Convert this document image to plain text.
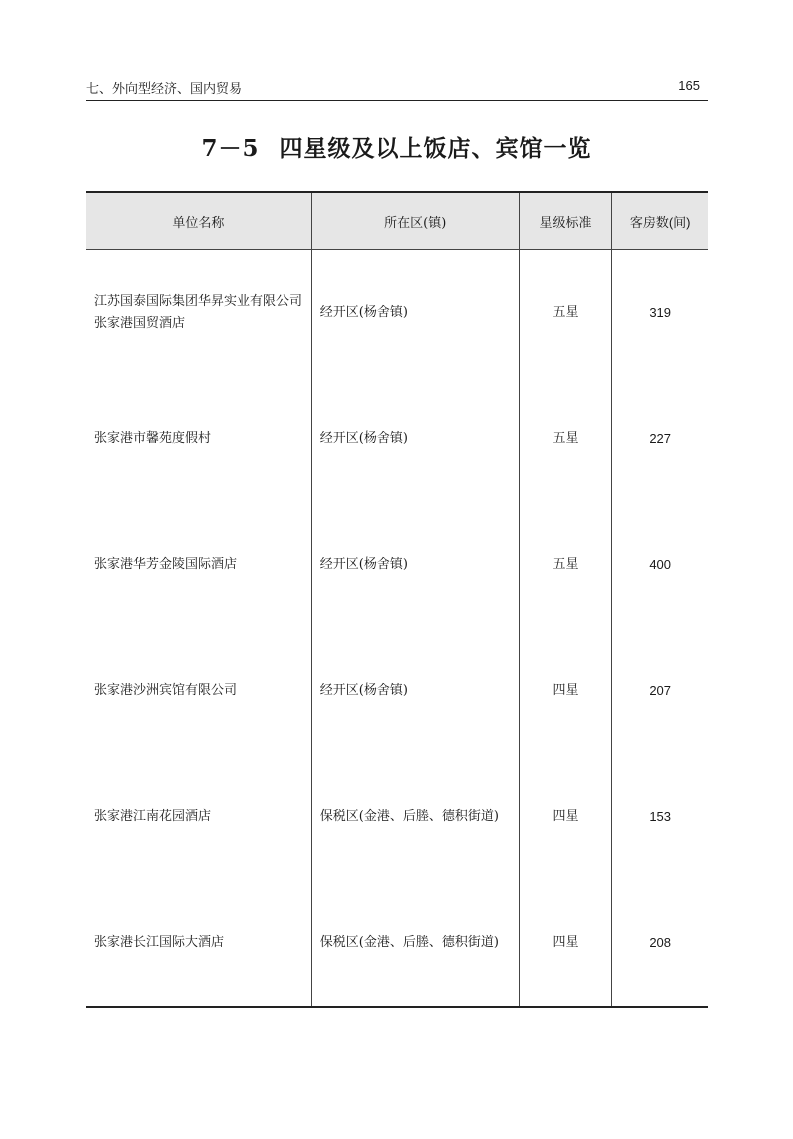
七、外向型经济、国内贸易	165
7－5 四星级及以上饭店、宾馆一览
单位名称	所在区(镇)	星级标准	客房数(间)
江苏国泰国际集团华昇实业有限公司张家港国贸酒店	经开区(杨舍镇)	五星	319
张家港市馨苑度假村	经开区(杨舍镇)	五星	227
张家港华芳金陵国际酒店	经开区(杨舍镇)	五星	400
张家港沙洲宾馆有限公司	经开区(杨舍镇)	四星	207
张家港江南花园酒店	保税区(金港、后塍、德积街道)	四星	153
张家港长江国际大酒店	保税区(金港、后塍、德积街道)	四星	208
